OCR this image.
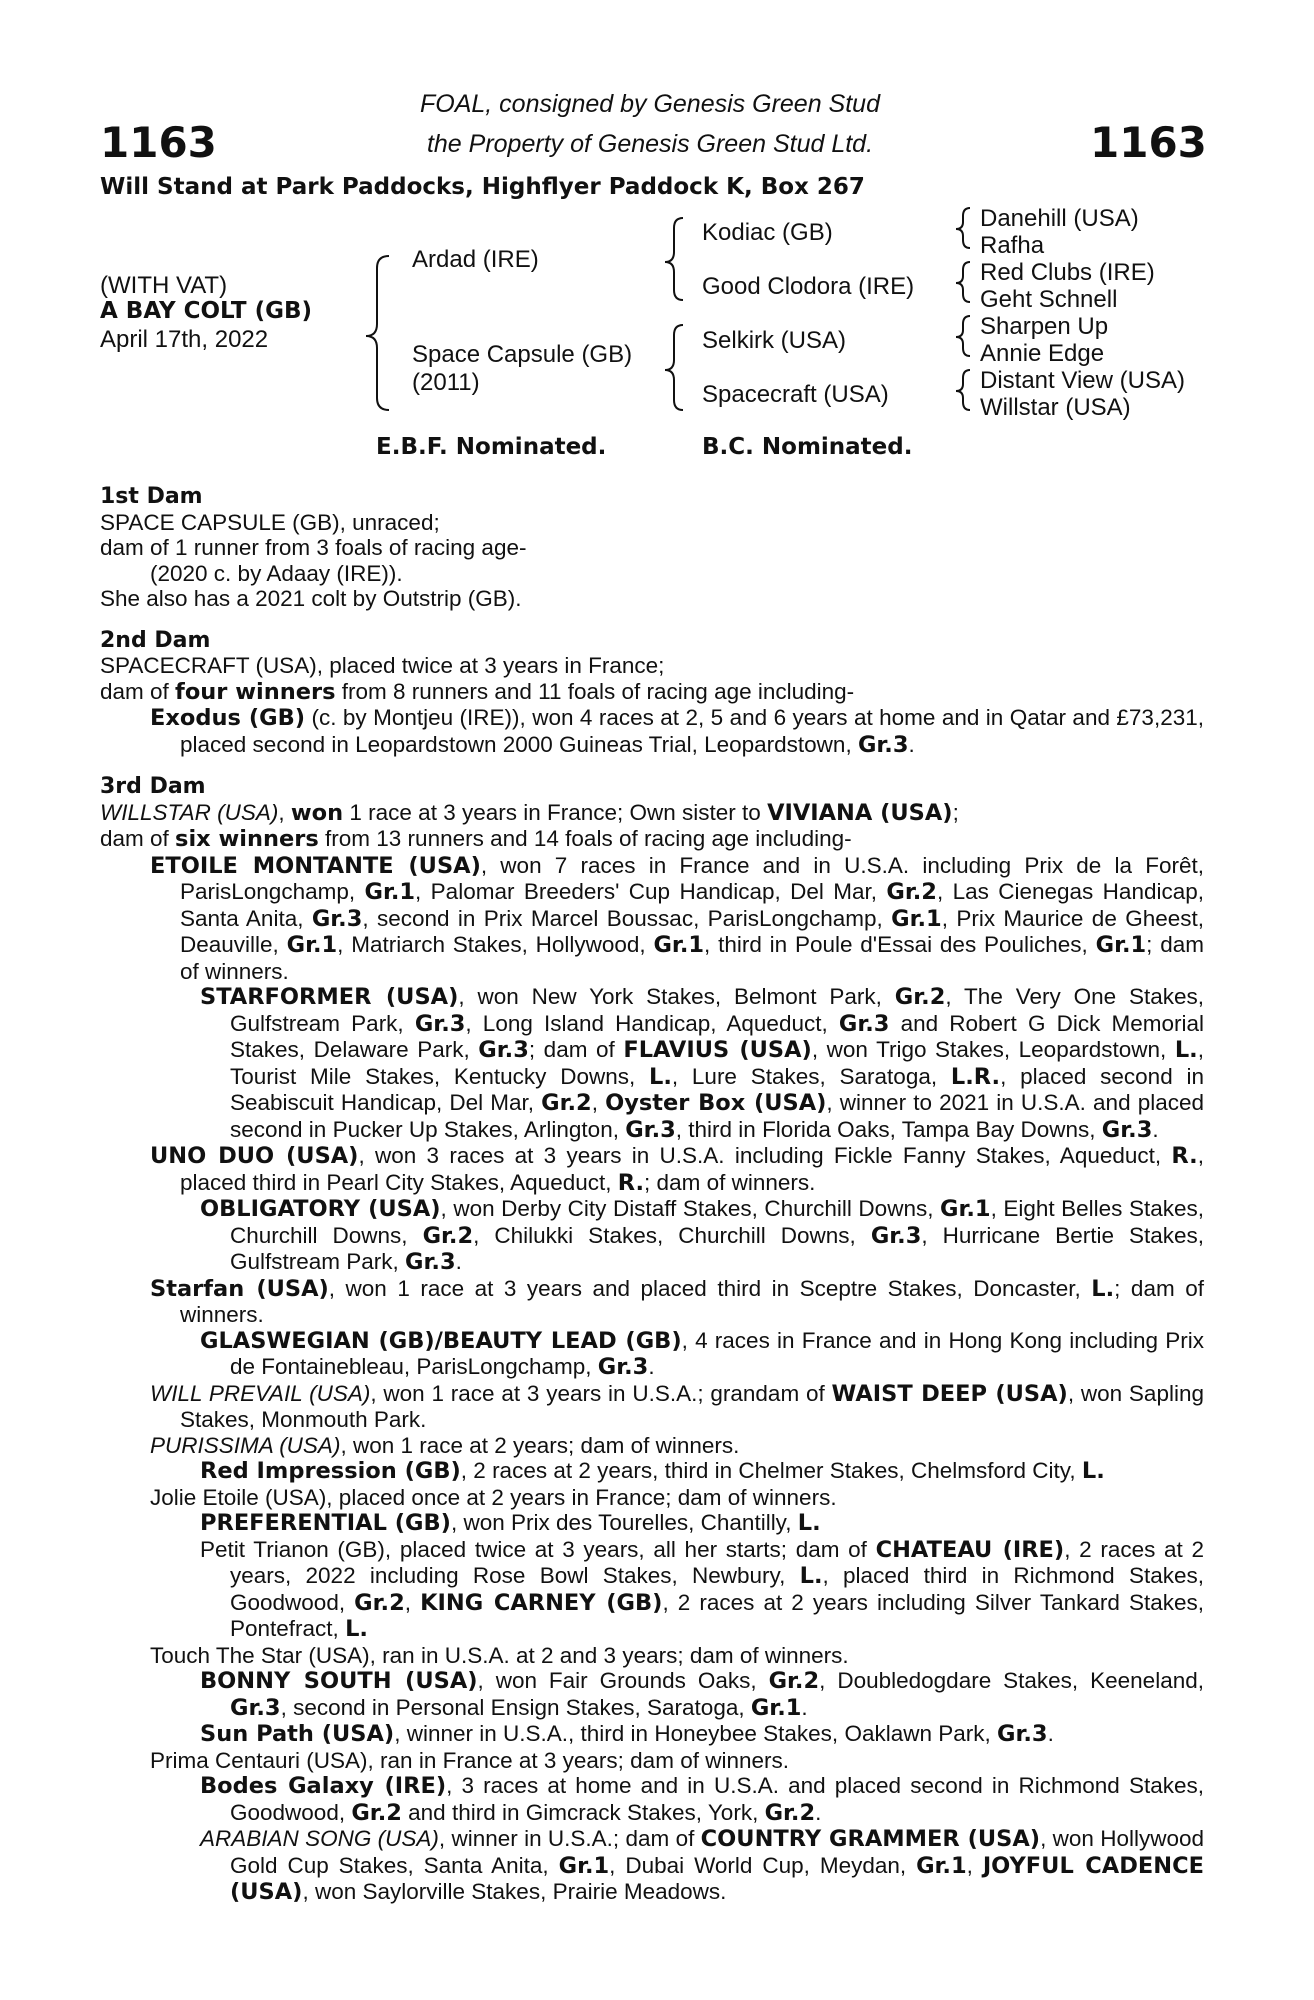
1163	1163
FOAL, consigned by Genesis Green Stud
the Property of Genesis Green Stud Ltd.
Will Stand at Park Paddocks, Highflyer Paddock K, Box 267
(WITH VAT)
A BAY COLT (GB)
April 17th, 2022
Ardad (IRE)
Space Capsule (GB)
(2011)
Kodiac (GB)
Good Clodora (IRE)
Selkirk (USA)
Spacecraft (USA)
Danehill (USA)
Rafha
Red Clubs (IRE)
Geht Schnell
Sharpen Up
Annie Edge
Distant View (USA)
Willstar (USA)
E.B.F. Nominated.	B.C. Nominated.
1st Dam
SPACE CAPSULE (GB), unraced;
dam of 1 runner from 3 foals of racing age-
(2020 c. by Adaay (IRE)).
She also has a 2021 colt by Outstrip (GB).
2nd Dam
SPACECRAFT (USA), placed twice at 3 years in France;
dam of four winners from 8 runners and 11 foals of racing age including-
Exodus (GB) (c. by Montjeu (IRE)), won 4 races at 2, 5 and 6 years at home and in Qatar and £73,231, placed second in Leopardstown 2000 Guineas Trial, Leopardstown, Gr.3.
3rd Dam
WILLSTAR (USA), won 1 race at 3 years in France; Own sister to VIVIANA (USA);
dam of six winners from 13 runners and 14 foals of racing age including-
ETOILE MONTANTE (USA), won 7 races in France and in U.S.A. including Prix de la Forêt, ParisLongchamp, Gr.1, Palomar Breeders' Cup Handicap, Del Mar, Gr.2, Las Cienegas Handicap, Santa Anita, Gr.3, second in Prix Marcel Boussac, ParisLongchamp, Gr.1, Prix Maurice de Gheest, Deauville, Gr.1, Matriarch Stakes, Hollywood, Gr.1, third in Poule d'Essai des Pouliches, Gr.1; dam of winners.
STARFORMER (USA), won New York Stakes, Belmont Park, Gr.2, The Very One Stakes, Gulfstream Park, Gr.3, Long Island Handicap, Aqueduct, Gr.3 and Robert G Dick Memorial Stakes, Delaware Park, Gr.3; dam of FLAVIUS (USA), won Trigo Stakes, Leopardstown, L., Tourist Mile Stakes, Kentucky Downs, L., Lure Stakes, Saratoga, L.R., placed second in Seabiscuit Handicap, Del Mar, Gr.2, Oyster Box (USA), winner to 2021 in U.S.A. and placed second in Pucker Up Stakes, Arlington, Gr.3, third in Florida Oaks, Tampa Bay Downs, Gr.3.
UNO DUO (USA), won 3 races at 3 years in U.S.A. including Fickle Fanny Stakes, Aqueduct, R., placed third in Pearl City Stakes, Aqueduct, R.; dam of winners.
OBLIGATORY (USA), won Derby City Distaff Stakes, Churchill Downs, Gr.1, Eight Belles Stakes, Churchill Downs, Gr.2, Chilukki Stakes, Churchill Downs, Gr.3, Hurricane Bertie Stakes, Gulfstream Park, Gr.3.
Starfan (USA), won 1 race at 3 years and placed third in Sceptre Stakes, Doncaster, L.; dam of winners.
GLASWEGIAN (GB)/BEAUTY LEAD (GB), 4 races in France and in Hong Kong including Prix de Fontainebleau, ParisLongchamp, Gr.3.
WILL PREVAIL (USA), won 1 race at 3 years in U.S.A.; grandam of WAIST DEEP (USA), won Sapling Stakes, Monmouth Park.
PURISSIMA (USA), won 1 race at 2 years; dam of winners.
Red Impression (GB), 2 races at 2 years, third in Chelmer Stakes, Chelmsford City, L.
Jolie Etoile (USA), placed once at 2 years in France; dam of winners.
PREFERENTIAL (GB), won Prix des Tourelles, Chantilly, L.
Petit Trianon (GB), placed twice at 3 years, all her starts; dam of CHATEAU (IRE), 2 races at 2 years, 2022 including Rose Bowl Stakes, Newbury, L., placed third in Richmond Stakes, Goodwood, Gr.2, KING CARNEY (GB), 2 races at 2 years including Silver Tankard Stakes, Pontefract, L.
Touch The Star (USA), ran in U.S.A. at 2 and 3 years; dam of winners.
BONNY SOUTH (USA), won Fair Grounds Oaks, Gr.2, Doubledogdare Stakes, Keeneland, Gr.3, second in Personal Ensign Stakes, Saratoga, Gr.1.
Sun Path (USA), winner in U.S.A., third in Honeybee Stakes, Oaklawn Park, Gr.3.
Prima Centauri (USA), ran in France at 3 years; dam of winners.
Bodes Galaxy (IRE), 3 races at home and in U.S.A. and placed second in Richmond Stakes, Goodwood, Gr.2 and third in Gimcrack Stakes, York, Gr.2.
ARABIAN SONG (USA), winner in U.S.A.; dam of COUNTRY GRAMMER (USA), won Hollywood Gold Cup Stakes, Santa Anita, Gr.1, Dubai World Cup, Meydan, Gr.1, JOYFUL CADENCE (USA), won Saylorville Stakes, Prairie Meadows.
